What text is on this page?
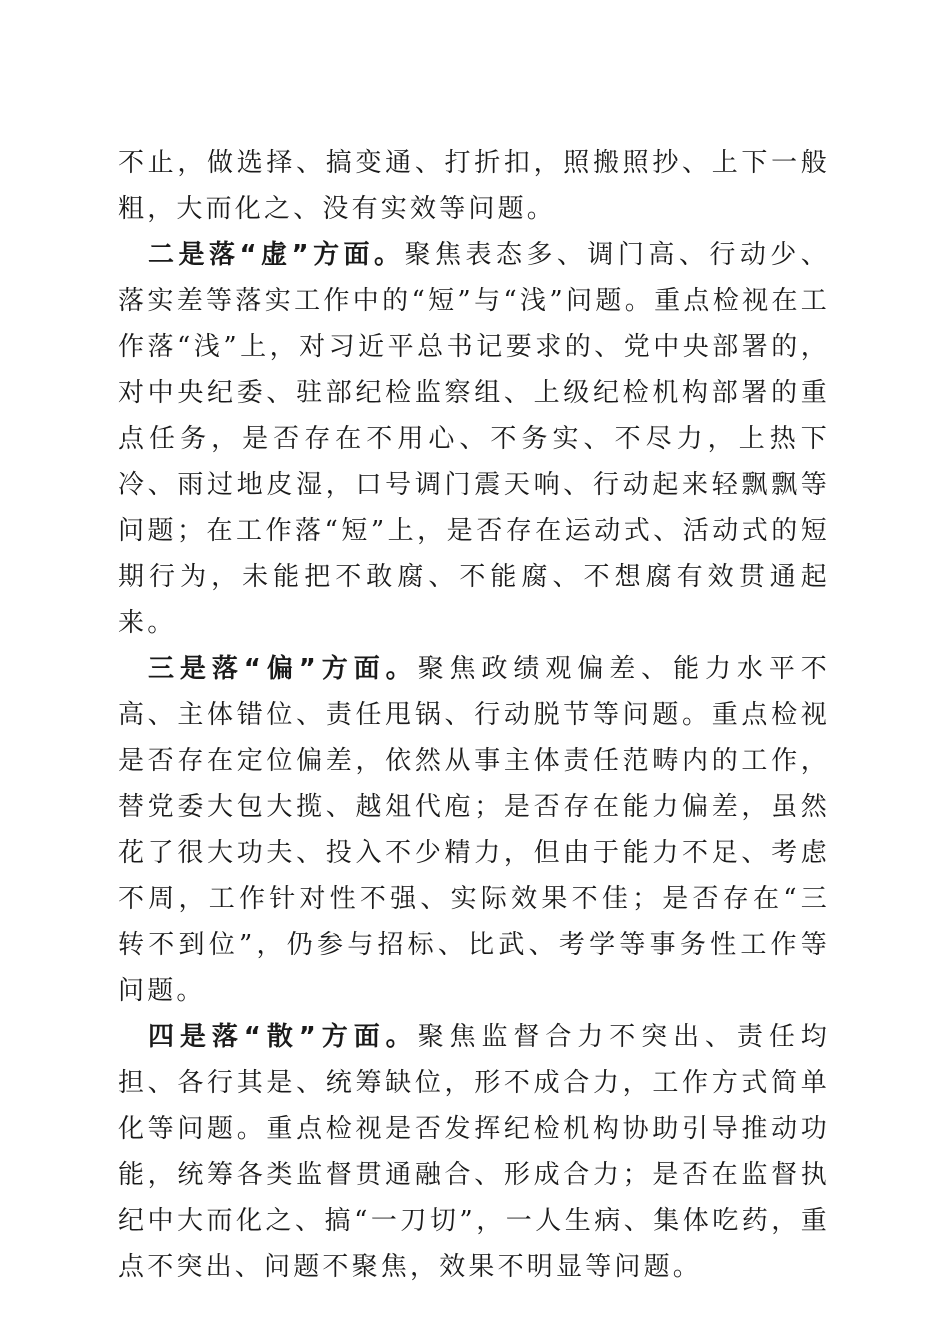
不止，做选择、搞变通、打折扣，照搬照抄、上下一般粗，大而化之、没有实效等问题。

二是落“虚”方面。聚焦表态多、调门高、行动少、落实差等落实工作中的“短”与“浅”问题。重点检视在工作落“浅”上，对习近平总书记要求的、党中央部署的，对中央纪委、驻部纪检监察组、上级纪检机构部署的重点任务，是否存在不用心、不务实、不尽力，上热下冷、雨过地皮湿，口号调门震天响、行动起来轻飘飘等问题；在工作落“短”上，是否存在运动式、活动式的短期行为，未能把不敢腐、不能腐、不想腐有效贯通起来。

三是落“偏”方面。聚焦政绩观偏差、能力水平不高、主体错位、责任甩锅、行动脱节等问题。重点检视是否存在定位偏差，依然从事主体责任范畴内的工作，替党委大包大揽、越俎代庖；是否存在能力偏差，虽然花了很大功夫、投入不少精力，但由于能力不足、考虑不周，工作针对性不强、实际效果不佳；是否存在“三转不到位”，仍参与招标、比武、考学等事务性工作等问题。

四是落“散”方面。聚焦监督合力不突出、责任均担、各行其是、统筹缺位，形不成合力，工作方式简单化等问题。重点检视是否发挥纪检机构协助引导推动功能，统筹各类监督贯通融合、形成合力；是否在监督执纪中大而化之、搞“一刀切”，一人生病、集体吃药，重点不突出、问题不聚焦，效果不明显等问题。
